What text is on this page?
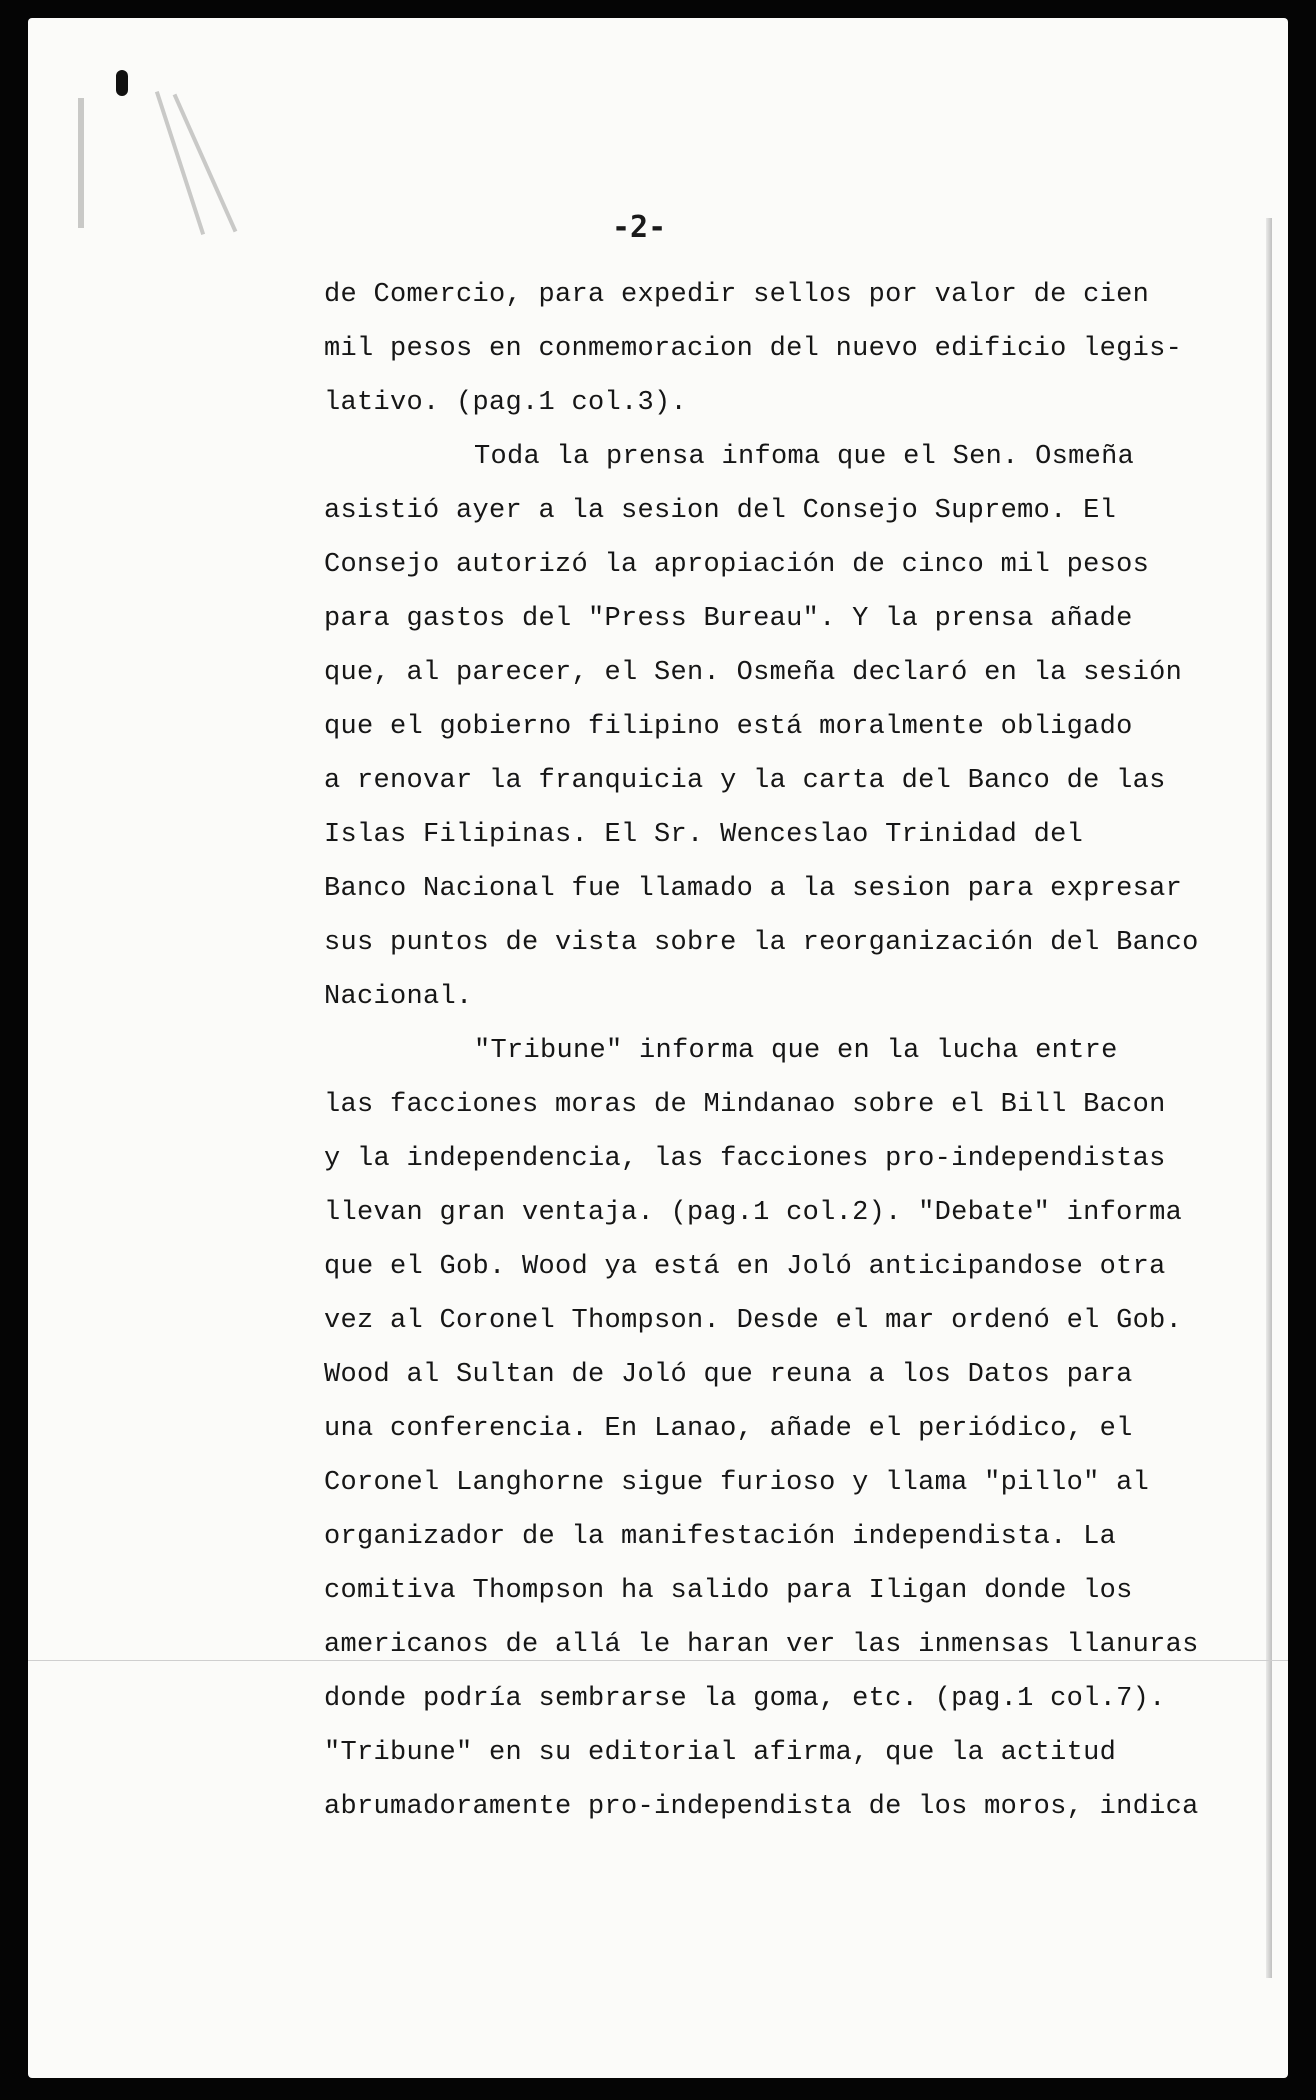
-2-

de Comercio, para expedir sellos por valor de cien

mil pesos en conmemoracion del nuevo edificio legis-

lativo. (pag.1 col.3).

Toda la prensa infoma que el Sen. Osmeña

asistió ayer a la sesion del Consejo Supremo. El

Consejo autorizó la apropiación de cinco mil pesos

para gastos del "Press Bureau". Y la prensa añade

que, al parecer, el Sen. Osmeña declaró en la sesión

que el gobierno filipino está moralmente obligado

a renovar la franquicia y la carta del Banco de las

Islas Filipinas. El Sr. Wenceslao Trinidad del

Banco Nacional fue llamado a la sesion para expresar

sus puntos de vista sobre la reorganización del Banco

Nacional.

"Tribune" informa que en la lucha entre

las facciones moras de Mindanao sobre el Bill Bacon

y la independencia, las facciones pro-independistas

llevan gran ventaja. (pag.1 col.2). "Debate" informa

que el Gob. Wood ya está en Joló anticipandose otra

vez al Coronel Thompson. Desde el mar ordenó el Gob.

Wood al Sultan de Joló que reuna a los Datos para

una conferencia. En Lanao, añade el periódico, el

Coronel Langhorne sigue furioso y llama "pillo" al

organizador de la manifestación independista. La

comitiva Thompson ha salido para Iligan donde los

americanos de allá le haran ver las inmensas llanuras

donde podría sembrarse la goma, etc. (pag.1 col.7).

"Tribune" en su editorial afirma, que la actitud

abrumadoramente pro-independista de los moros, indica
